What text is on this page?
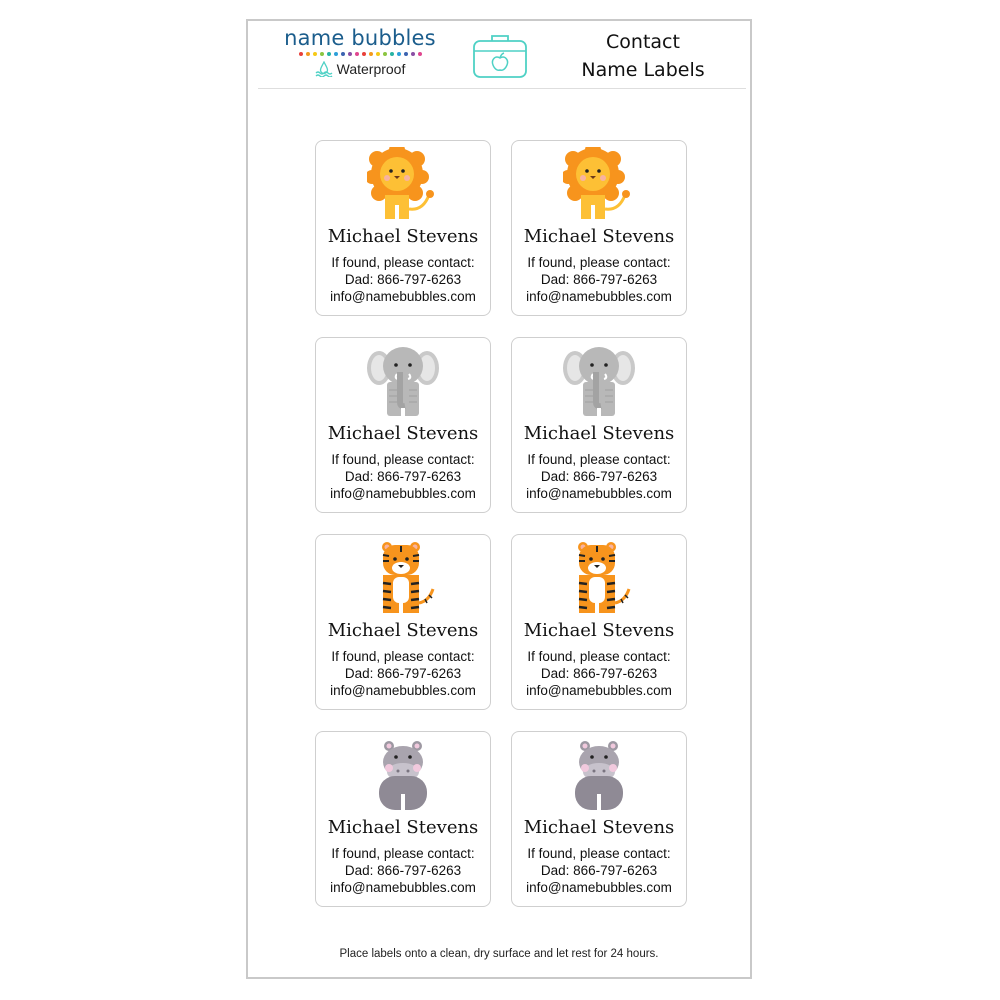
name bubbles
Waterproof
Contact
Name Labels
Michael Stevens
If found, please contact:
Dad: 866-797-6263
info@namebubbles.com
Michael Stevens
If found, please contact:
Dad: 866-797-6263
info@namebubbles.com
Michael Stevens
If found, please contact:
Dad: 866-797-6263
info@namebubbles.com
Michael Stevens
If found, please contact:
Dad: 866-797-6263
info@namebubbles.com
Michael Stevens
If found, please contact:
Dad: 866-797-6263
info@namebubbles.com
Michael Stevens
If found, please contact:
Dad: 866-797-6263
info@namebubbles.com
Michael Stevens
If found, please contact:
Dad: 866-797-6263
info@namebubbles.com
Michael Stevens
If found, please contact:
Dad: 866-797-6263
info@namebubbles.com
Place labels onto a clean, dry surface and let rest for 24 hours.
